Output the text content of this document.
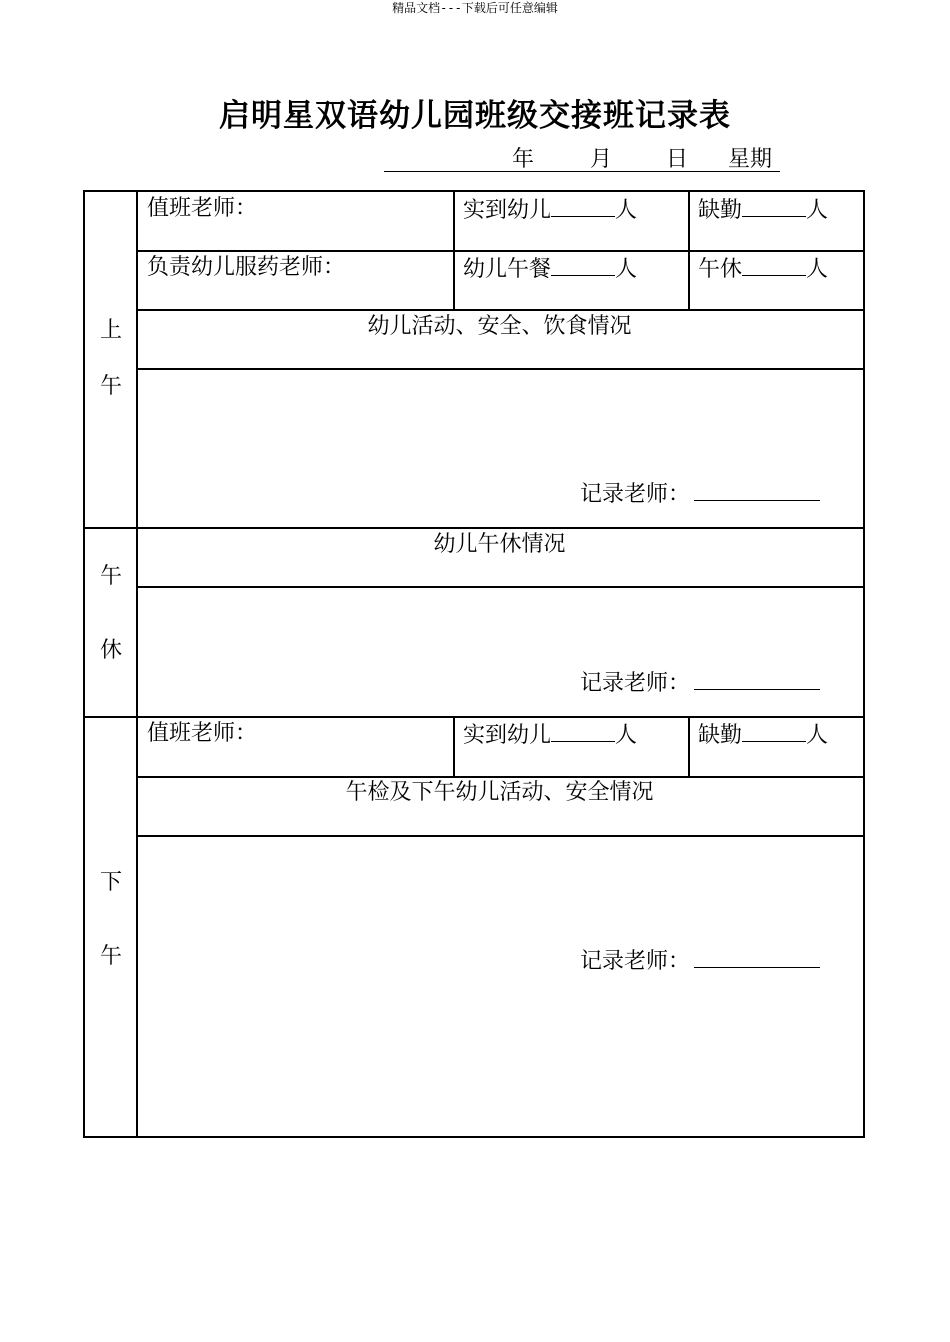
精品文档---下载后可任意编辑
启明星双语幼儿园班级交接班记录表
年	月 日 星期
上
午
值班老师：	实到幼儿	人	缺勤	人
负责幼儿服药老师：	幼儿午餐	人	午休	人
幼儿活动、安全、饮食情况
记录老师：
午
休
幼儿午休情况
记录老师：
下
午
值班老师：	实到幼儿	人	缺勤	人
午检及下午幼儿活动、安全情况
记录老师：
